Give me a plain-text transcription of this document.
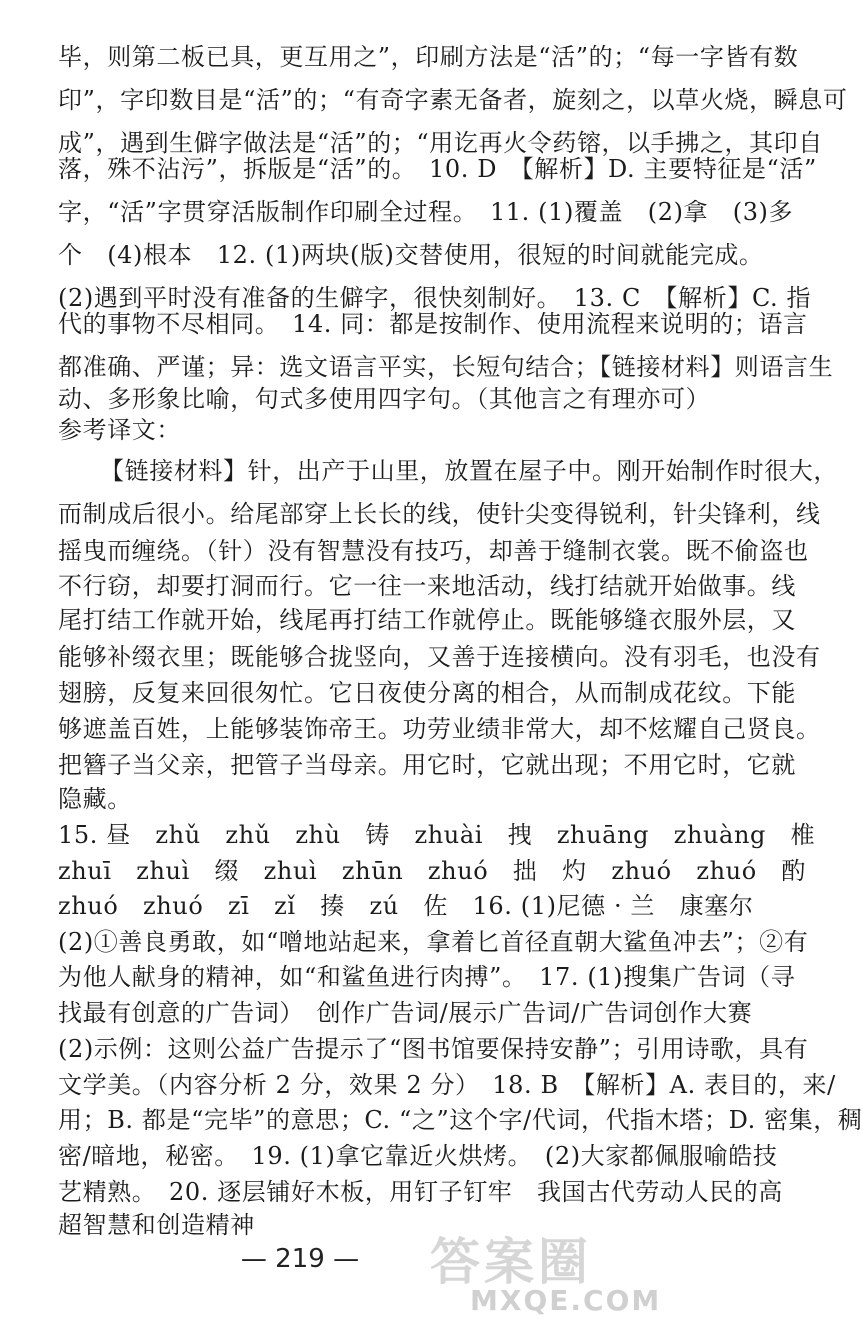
毕，则第二板已具，更互用之”，印刷方法是“活”的；“每一字皆有数
印”，字印数目是“活”的；“有奇字素无备者，旋刻之，以草火烧，瞬息可
成”，遇到生僻字做法是“活”的；“用讫再火令药镕，以手拂之，其印自
落，殊不沾污”，拆版是“活”的。　10. D　【解析】D. 主要特征是“活”
字，“活”字贯穿活版制作印刷全过程。　11. (1)覆盖　(2)拿　(3)多
个　(4)根本　12. (1)两块(版)交替使用，很短的时间就能完成。
(2)遇到平时没有准备的生僻字，很快刻制好。　13. C　【解析】C. 指
代的事物不尽相同。　14. 同：都是按制作、使用流程来说明的；语言
都准确、严谨；异：选文语言平实，长短句结合；【链接材料】则语言生
动、多形象比喻，句式多使用四字句。（其他言之有理亦可）
参考译文：
【链接材料】针，出产于山里，放置在屋子中。刚开始制作时很大，
而制成后很小。给尾部穿上长长的线，使针尖变得锐利，针尖锋利，线
摇曳而缠绕。（针）没有智慧没有技巧，却善于缝制衣裳。既不偷盗也
不行窃，却要打洞而行。它一往一来地活动，线打结就开始做事。线
尾打结工作就开始，线尾再打结工作就停止。既能够缝衣服外层，又
能够补缀衣里；既能够合拢竖向，又善于连接横向。没有羽毛，也没有
翅膀，反复来回很匆忙。它日夜使分离的相合，从而制成花纹。下能
够遮盖百姓，上能够装饰帝王。功劳业绩非常大，却不炫耀自己贤良。
把簪子当父亲，把管子当母亲。用它时，它就出现；不用它时，它就
隐藏。
15. 昼　zhǔ　zhǔ　zhù　铸　zhuài　拽　zhuāng　zhuàng　椎
zhuī　zhuì　缀　zhuì　zhūn　zhuó　拙　灼　zhuó　zhuó　酌
zhuó　zhuó　zī　zǐ　揍　zú　佐　16. (1)尼德 · 兰　康塞尔
(2)①善良勇敢，如“噌地站起来，拿着匕首径直朝大鲨鱼冲去”；②有
为他人献身的精神，如“和鲨鱼进行肉搏”。　17. (1)搜集广告词（寻
找最有创意的广告词）　创作广告词/展示广告词/广告词创作大赛
(2)示例：这则公益广告提示了“图书馆要保持安静”；引用诗歌，具有
文学美。（内容分析 2 分，效果 2 分）　18. B　【解析】A. 表目的，来/
用；B. 都是“完毕”的意思；C. “之”这个字/代词，代指木塔；D. 密集，稠
密/暗地，秘密。　19. (1)拿它靠近火烘烤。　(2)大家都佩服喻皓技
艺精熟。　20. 逐层铺好木板，用钉子钉牢　我国古代劳动人民的高
超智慧和创造精神
— 219 —	答案圈
MXQE.COM
